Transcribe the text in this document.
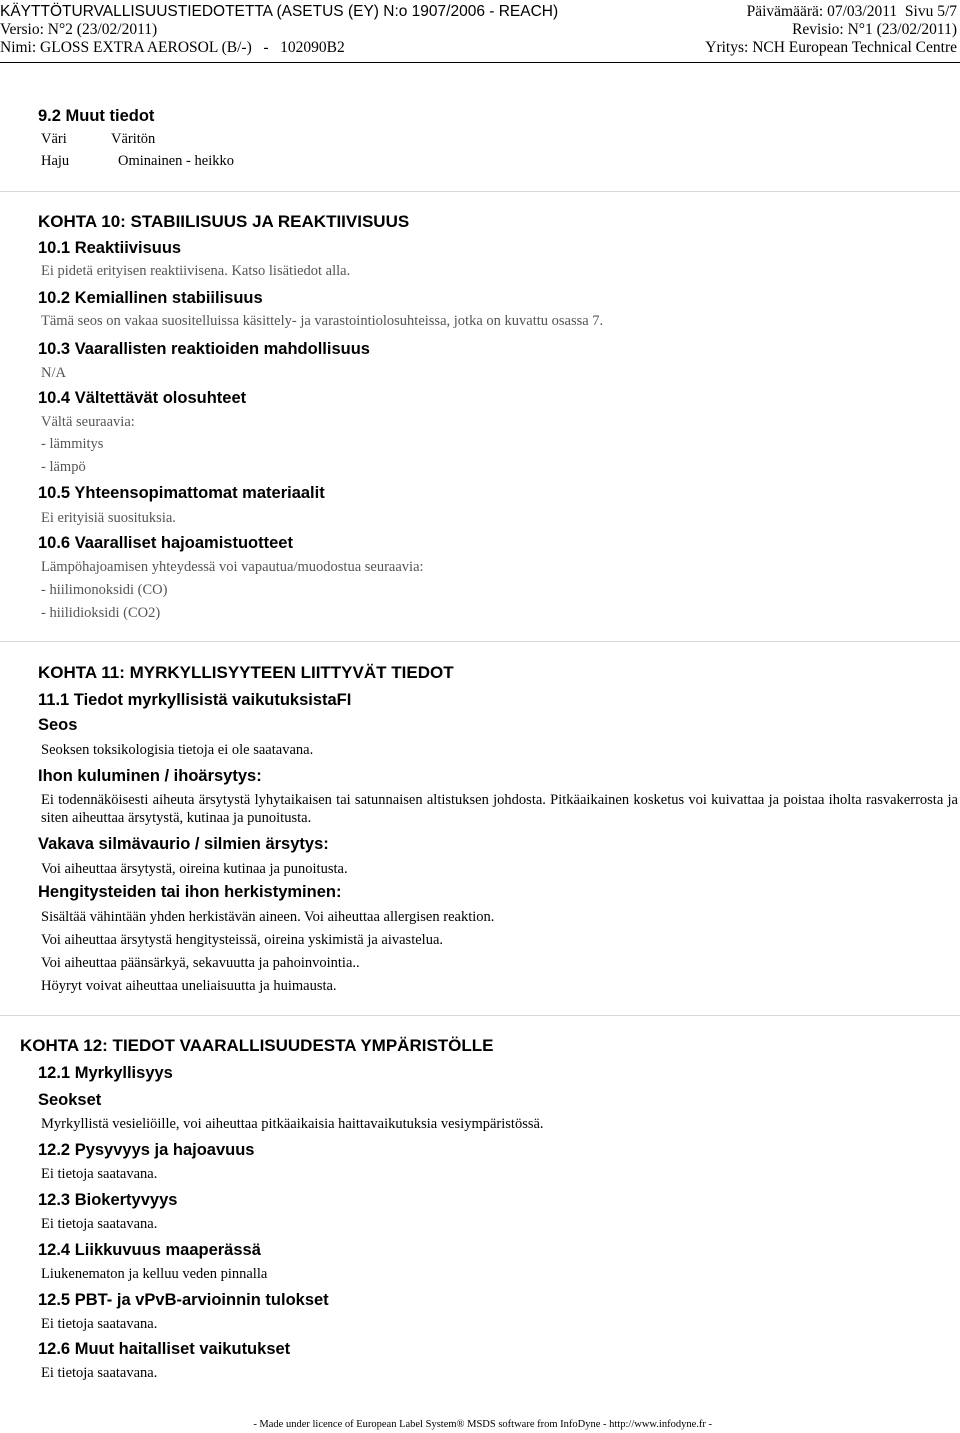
KÄYTTÖTURVALLISUUSTIEDOTETTA (ASETUS (EY) N:o 1907/2006 - REACH)	Päivämäärä: 07/03/2011 Sivu 5/7
Versio: N°2 (23/02/2011)	Revisio: N°1 (23/02/2011)
Nimi: GLOSS EXTRA AEROSOL (B/-) - 102090B2	Yritys: NCH European Technical Centre
9.2 Muut tiedot
Väri	Väritön
Haju	Ominainen - heikko
KOHTA 10: STABIILISUUS JA REAKTIIVISUUS
10.1 Reaktiivisuus
Ei pidetä erityisen reaktiivisena. Katso lisätiedot alla.
10.2 Kemiallinen stabiilisuus
Tämä seos on vakaa suositelluissa käsittely- ja varastointiolosuhteissa, jotka on kuvattu osassa 7.
10.3 Vaarallisten reaktioiden mahdollisuus
N/A
10.4 Vältettävät olosuhteet
Vältä seuraavia:
- lämmitys
- lämpö
10.5 Yhteensopimattomat materiaalit
Ei erityisiä suosituksia.
10.6 Vaaralliset hajoamistuotteet
Lämpöhajoamisen yhteydessä voi vapautua/muodostua seuraavia:
- hiilimonoksidi (CO)
- hiilidioksidi (CO2)
KOHTA 11: MYRKYLLISYYTEEN LIITTYVÄT TIEDOT
11.1 Tiedot myrkyllisistä vaikutuksistaFI
Seos
Seoksen toksikologisia tietoja ei ole saatavana.
Ihon kuluminen / ihoärsytys:
Ei todennäköisesti aiheuta ärsytystä lyhytaikaisen tai satunnaisen altistuksen johdosta. Pitkäaikainen kosketus voi kuivattaa ja poistaa iholta rasvakerrosta ja siten aiheuttaa ärsytystä, kutinaa ja punoitusta.
Vakava silmävaurio / silmien ärsytys:
Voi aiheuttaa ärsytystä, oireina kutinaa ja punoitusta.
Hengitysteiden tai ihon herkistyminen:
Sisältää vähintään yhden herkistävän aineen. Voi aiheuttaa allergisen reaktion.
Voi aiheuttaa ärsytystä hengitysteissä, oireina yskimistä ja aivastelua.
Voi aiheuttaa päänsärkyä, sekavuutta ja pahoinvointia..
Höyryt voivat aiheuttaa uneliaisuutta ja huimausta.
KOHTA 12: TIEDOT VAARALLISUUDESTA YMPÄRISTÖLLE
12.1 Myrkyllisyys
Seokset
Myrkyllistä vesieliöille, voi aiheuttaa pitkäaikaisia haittavaikutuksia vesiympäristössä.
12.2 Pysyvyys ja hajoavuus
Ei tietoja saatavana.
12.3 Biokertyvyys
Ei tietoja saatavana.
12.4 Liikkuvuus maaperässä
Liukenematon ja kelluu veden pinnalla
12.5 PBT- ja vPvB-arvioinnin tulokset
Ei tietoja saatavana.
12.6 Muut haitalliset vaikutukset
Ei tietoja saatavana.
- Made under licence of European Label System® MSDS software from InfoDyne - http://www.infodyne.fr -
